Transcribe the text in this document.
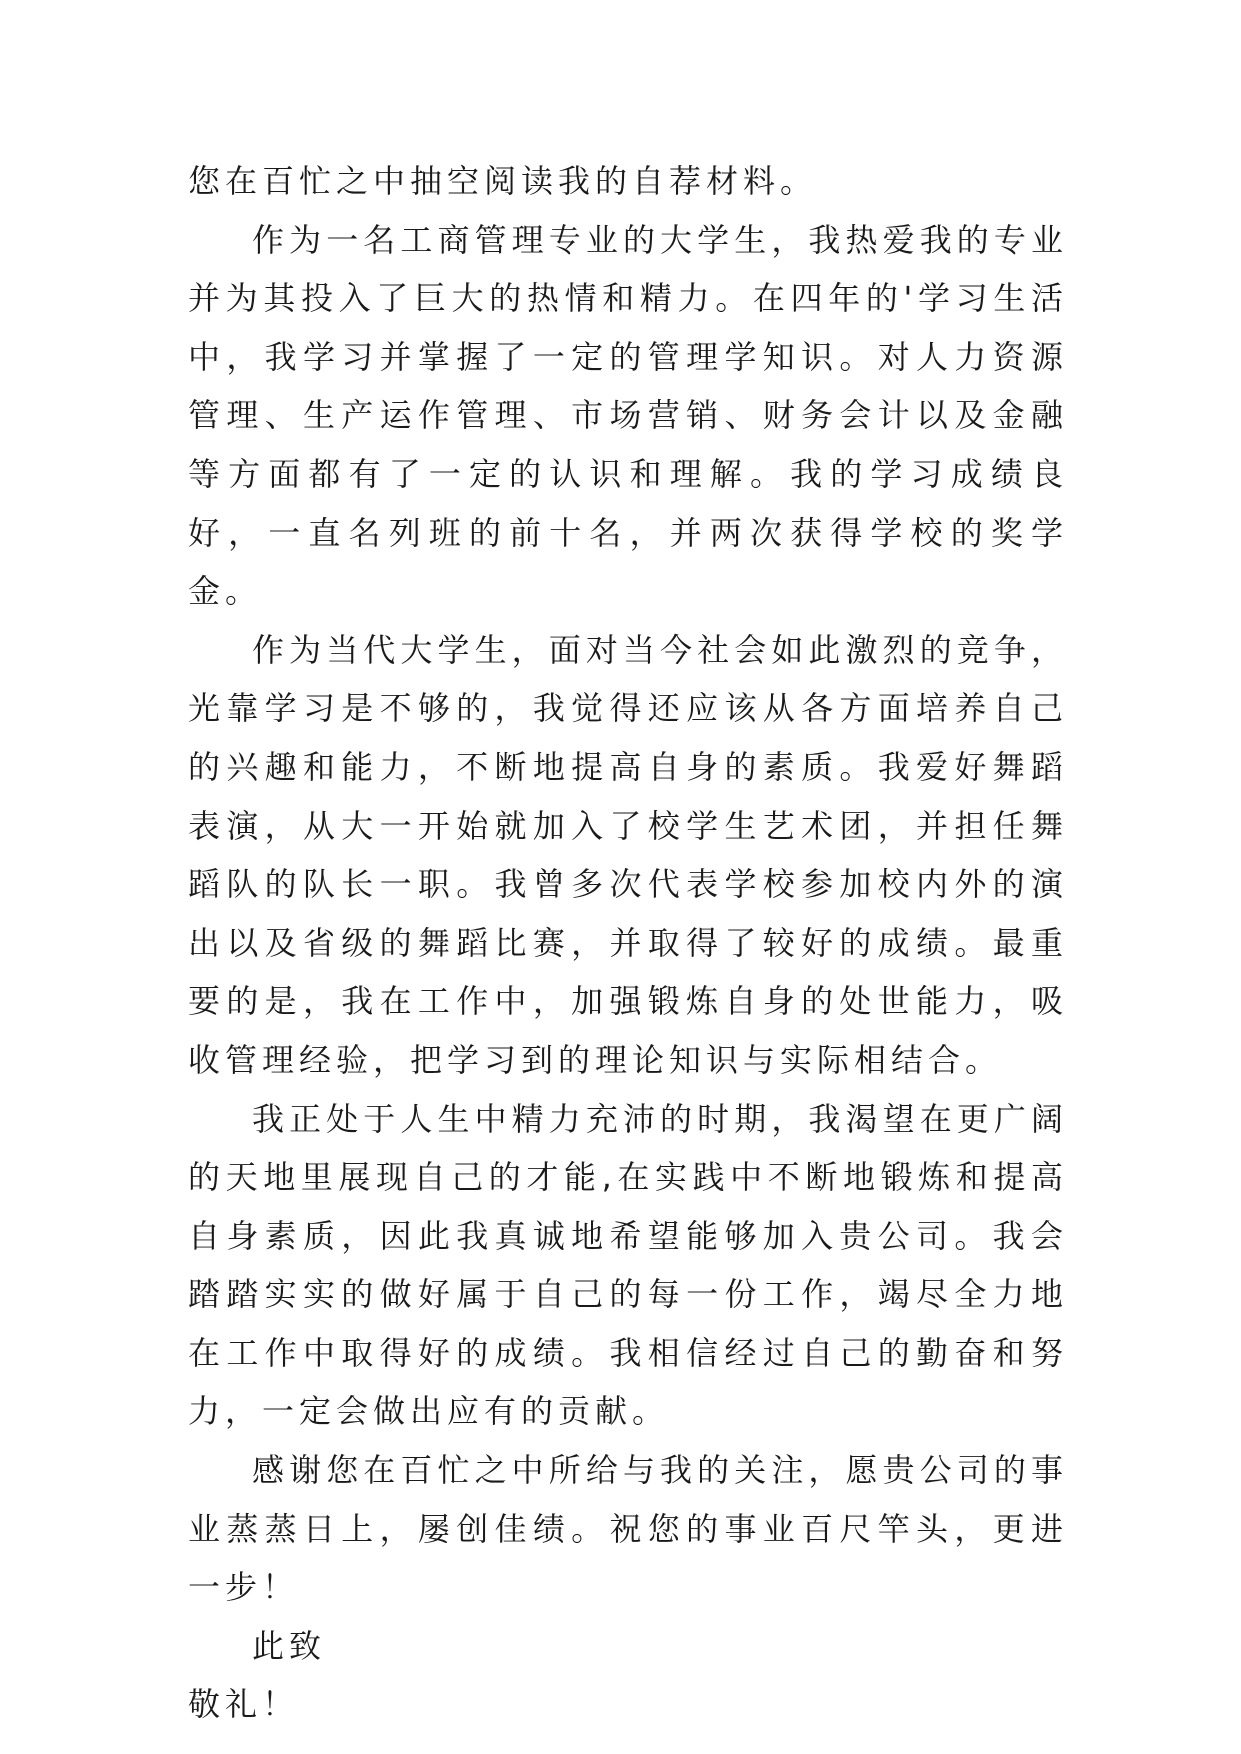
您在百忙之中抽空阅读我的自荐材料。

作为一名工商管理专业的大学生，我热爱我的专业并为其投入了巨大的热情和精力。在四年的'学习生活中，我学习并掌握了一定的管理学知识。对人力资源管理、生产运作管理、市场营销、财务会计以及金融等方面都有了一定的认识和理解。我的学习成绩良好，一直名列班的前十名，并两次获得学校的奖学金。

作为当代大学生，面对当今社会如此激烈的竞争，光靠学习是不够的，我觉得还应该从各方面培养自己的兴趣和能力，不断地提高自身的素质。我爱好舞蹈表演，从大一开始就加入了校学生艺术团，并担任舞蹈队的队长一职。我曾多次代表学校参加校内外的演出以及省级的舞蹈比赛，并取得了较好的成绩。最重要的是，我在工作中，加强锻炼自身的处世能力，吸收管理经验，把学习到的理论知识与实际相结合。

我正处于人生中精力充沛的时期，我渴望在更广阔的天地里展现自己的才能,在实践中不断地锻炼和提高自身素质，因此我真诚地希望能够加入贵公司。我会踏踏实实的做好属于自己的每一份工作，竭尽全力地在工作中取得好的成绩。我相信经过自己的勤奋和努力，一定会做出应有的贡献。

感谢您在百忙之中所给与我的关注，愿贵公司的事业蒸蒸日上，屡创佳绩。祝您的事业百尺竿头，更进一步！

此致

敬礼！
